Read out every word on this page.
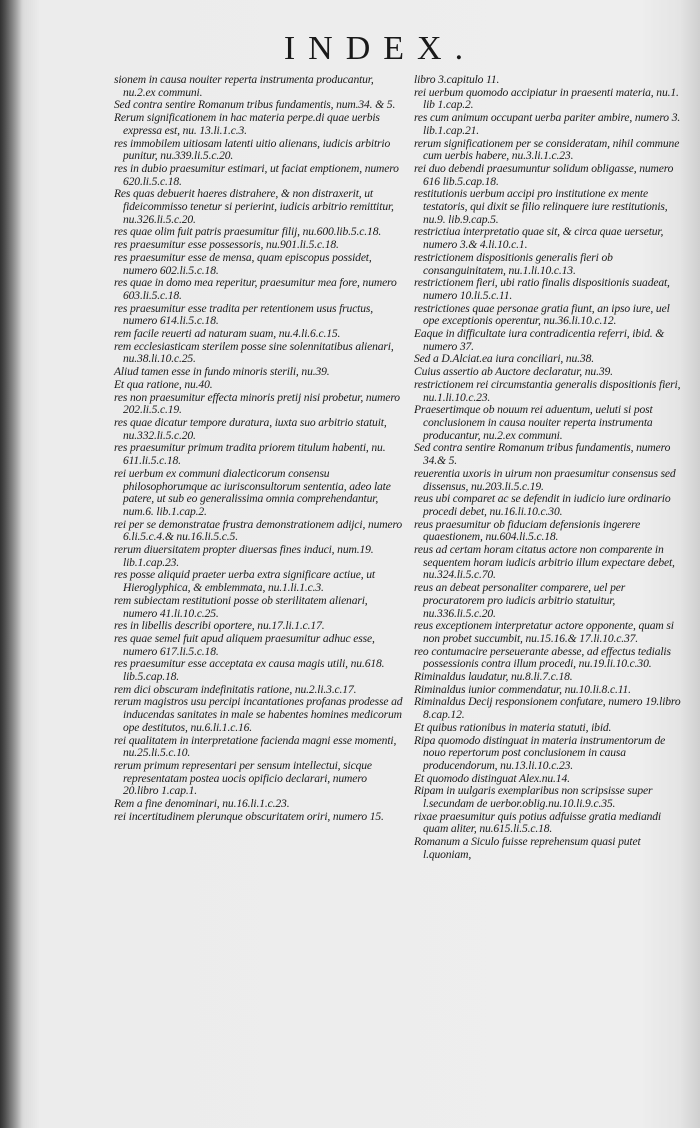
INDEX.

sionem in causa nouiter reperta instrumenta producantur, nu.2.ex communi.

Sed contra sentire Romanum tribus fundamentis, num.34. & 5.

Rerum significationem in hac materia perpe.di quae uerbis expressa est, nu. 13.li.1.c.3.

res immobilem uitiosam latenti uitio alienans, iudicis arbitrio punitur, nu.339.li.5.c.20.

res in dubio praesumitur estimari, ut faciat emptionem, numero 620.li.5.c.18.

Res quas debuerit haeres distrahere, & non distraxerit, ut fideicommisso tenetur si perierint, iudicis arbitrio remittitur, nu.326.li.5.c.20.

res quae olim fuit patris praesumitur filij, nu.600.lib.5.c.18.

res praesumitur esse possessoris, nu.901.li.5.c.18.

res praesumitur esse de mensa, quam episcopus possidet, numero 602.li.5.c.18.

res quae in domo mea reperitur, praesumitur mea fore, numero 603.li.5.c.18.

res praesumitur esse tradita per retentionem usus fructus, numero 614.li.5.c.18.

rem facile reuerti ad naturam suam, nu.4.li.6.c.15.

rem ecclesiasticam sterilem posse sine solennitatibus alienari, nu.38.li.10.c.25.

Aliud tamen esse in fundo minoris sterili, nu.39.

Et qua ratione, nu.40.

res non praesumitur effecta minoris pretij nisi probetur, numero 202.li.5.c.19.

res quae dicatur tempore duratura, iuxta suo arbitrio statuit, nu.332.li.5.c.20.

res praesumitur primum tradita priorem titulum habenti, nu. 611.li.5.c.18.

rei uerbum ex communi dialecticorum consensu philosophorumque ac iurisconsultorum sententia, adeo late patere, ut sub eo generalissima omnia comprehendantur, num.6. lib.1.cap.2.

rei per se demonstratae frustra demonstrationem adijci, numero 6.li.5.c.4.& nu.16.li.5.c.5.

rerum diuersitatem propter diuersas fines induci, num.19. lib.1.cap.23.

res posse aliquid praeter uerba extra significare actiue, ut Hieroglyphica, & emblemmata, nu.1.li.1.c.3.

rem subiectam restitutioni posse ob sterilitatem alienari, numero 41.li.10.c.25.

res in libellis describi oportere, nu.17.li.1.c.17.

res quae semel fuit apud aliquem praesumitur adhuc esse, numero 617.li.5.c.18.

res praesumitur esse acceptata ex causa magis utili, nu.618. lib.5.cap.18.

rem dici obscuram indefinitatis ratione, nu.2.li.3.c.17.

rerum magistros usu percipi incantationes profanas prodesse ad inducendas sanitates in male se habentes homines medicorum ope destitutos, nu.6.li.1.c.16.

rei qualitatem in interpretatione facienda magni esse momenti, nu.25.li.5.c.10.

rerum primum representari per sensum intellectui, sicque representatam postea uocis opificio declarari, numero 20.libro 1.cap.1.

Rem a fine denominari, nu.16.li.1.c.23.

rei incertitudinem plerunque obscuritatem oriri, numero 15.

libro 3.capitulo 11.

rei uerbum quomodo accipiatur in praesenti materia, nu.1. lib 1.cap.2.

res cum animum occupant uerba pariter ambire, numero 3. lib.1.cap.21.

rerum significationem per se consideratam, nihil commune cum uerbis habere, nu.3.li.1.c.23.

rei duo debendi praesumuntur solidum obligasse, numero 616 lib.5.cap.18.

restitutionis uerbum accipi pro institutione ex mente testatoris, qui dixit se filio relinquere iure restitutionis, nu.9. lib.9.cap.5.

restrictiua interpretatio quae sit, & circa quae uersetur, numero 3.& 4.li.10.c.1.

restrictionem dispositionis generalis fieri ob consanguinitatem, nu.1.li.10.c.13.

restrictionem fieri, ubi ratio finalis dispositionis suadeat, numero 10.li.5.c.11.

restrictiones quae personae gratia fiunt, an ipso iure, uel ope exceptionis operentur, nu.36.li.10.c.12.

Eaque in difficultate iura contradicentia referri, ibid. & numero 37.

Sed a D.Alciat.ea iura conciliari, nu.38.

Cuius assertio ab Auctore declaratur, nu.39.

restrictionem rei circumstantia generalis dispositionis fieri, nu.1.li.10.c.23.

Praesertimque ob nouum rei aduentum, ueluti si post conclusionem in causa nouiter reperta instrumenta producantur, nu.2.ex communi.

Sed contra sentire Romanum tribus fundamentis, numero 34.& 5.

reuerentia uxoris in uirum non praesumitur consensus sed dissensus, nu.203.li.5.c.19.

reus ubi comparet ac se defendit in iudicio iure ordinario procedi debet, nu.16.li.10.c.30.

reus praesumitur ob fiduciam defensionis ingerere quaestionem, nu.604.li.5.c.18.

reus ad certam horam citatus actore non comparente in sequentem horam iudicis arbitrio illum expectare debet, nu.324.li.5.c.70.

reus an debeat personaliter comparere, uel per procuratorem pro iudicis arbitrio statuitur, nu.336.li.5.c.20.

reus exceptionem interpretatur actore opponente, quam si non probet succumbit, nu.15.16.& 17.li.10.c.37.

reo contumacire perseuerante abesse, ad effectus tedialis possessionis contra illum procedi, nu.19.li.10.c.30.

Riminaldus laudatur, nu.8.li.7.c.18.

Riminaldus iunior commendatur, nu.10.li.8.c.11.

Riminaldus Decij responsionem confutare, numero 19.libro 8.cap.12.

Et quibus rationibus in materia statuti, ibid.

Ripa quomodo distinguat in materia instrumentorum de nouo repertorum post conclusionem in causa producendorum, nu.13.li.10.c.23.

Et quomodo distinguat Alex.nu.14.

Ripam in uulgaris exemplaribus non scripsisse super l.secundam de uerbor.oblig.nu.10.li.9.c.35.

rixae praesumitur quis potius adfuisse gratia mediandi quam aliter, nu.615.li.5.c.18.

Romanum a Siculo fuisse reprehensum quasi putet l.quoniam,
